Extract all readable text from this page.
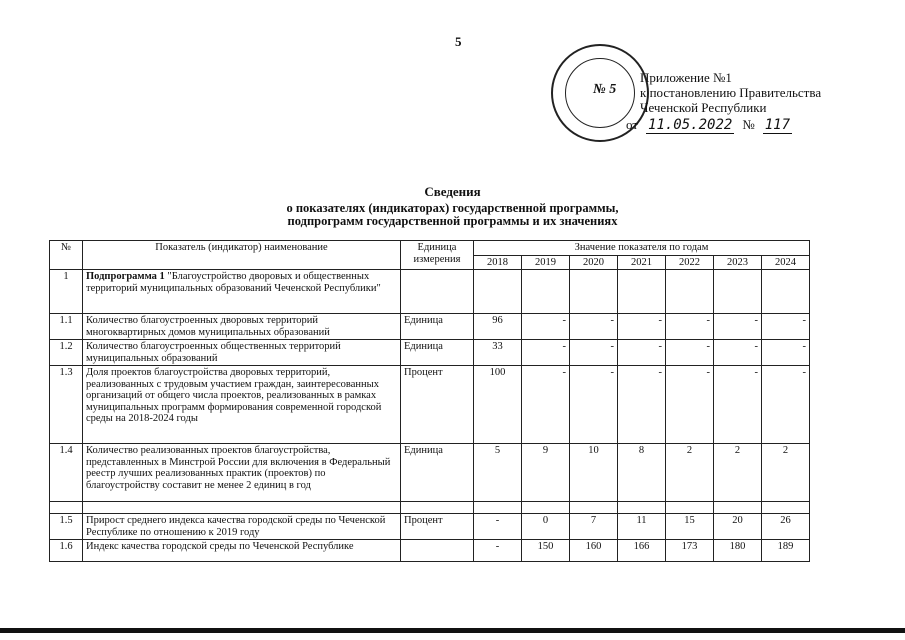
5
№ 5
Приложение №1
к постановлению Правительства
Чеченской Республики
от 11.05.2022 № 117
Сведения
о показателях (индикаторах) государственной программы,
подпрограмм государственной программы и их значениях
№	Показатель (индикатор) наименование	Единица измерения	Значение показателя по годам						
			2018	2019	2020	2021	2022	2023	2024
1	Подпрограмма 1 "Благоустройство дворовых и общественных территорий муниципальных образований Чеченской Республики"								
1.1	Количество благоустроенных дворовых территорий многоквартирных домов муниципальных образований	Единица	96	-	-	-	-	-	-
1.2	Количество благоустроенных общественных территорий муниципальных образований	Единица	33	-	-	-	-	-	-
1.3	Доля проектов благоустройства дворовых территорий, реализованных с трудовым участием граждан, заинтересованных организаций от общего числа проектов, реализованных в рамках муниципальных программ формирования современной городской среды на 2018-2024 годы	Процент	100	-	-	-	-	-	-
1.4	Количество реализованных проектов благоустройства, представленных в Минстрой России для включения в Федеральный реестр лучших реализованных практик (проектов) по благоустройству составит не менее 2 единиц в год	Единица	5	9	10	8	2	2	2

1.5	Прирост среднего индекса качества городской среды по Чеченской Республике по отношению к 2019 году	Процент	-	0	7	11	15	20	26
1.6	Индекс качества городской среды по Чеченской Республике		-	150	160	166	173	180	189
